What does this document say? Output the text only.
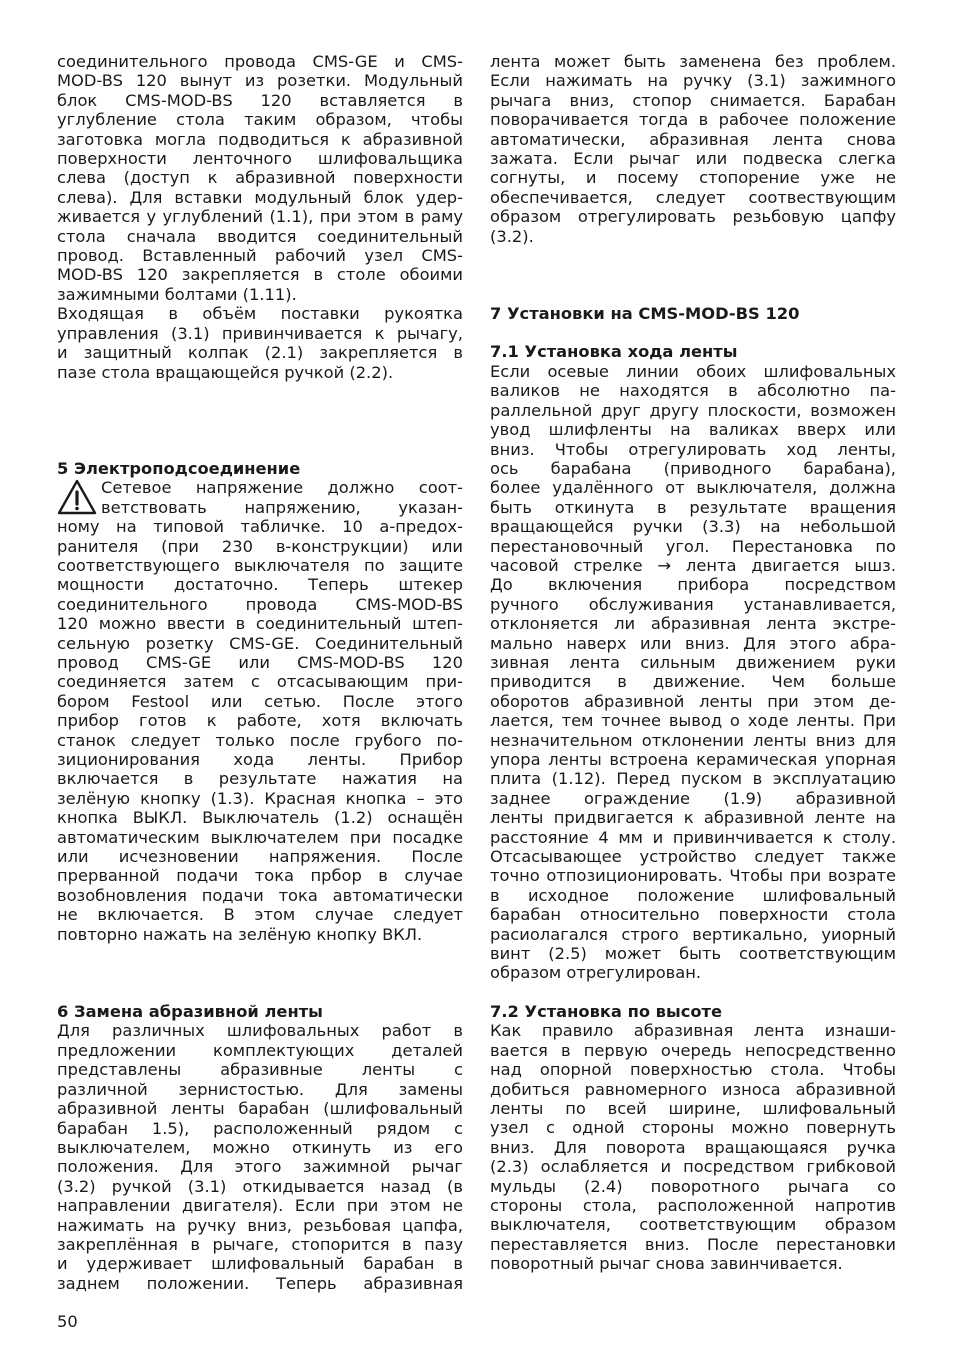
соединительного провода CMS-GE и CMS-
MOD-BS 120 вынут из розетки. Модульный
блок CMS-MOD-BS 120 вставляется в
углубление стола таким образом, чтобы
заготовка могла подводиться к абразивной
поверхности ленточного шлифовальщика
слева (доступ к абразивной поверхности
слева). Для вставки модульный блок удер-
живается у углублений (1.1), при этом в раму
стола сначала вводится соединительный
провод. Вставленный рабочий узел CMS-
MOD-BS 120 закрепляется в столе обоими
зажимными болтами (1.11).
Входящая в объём поставки рукоятка
управления (3.1) привинчивается к рычагу,
и защитный колпак (2.1) закрепляется в
пазе стола вращающейся ручкой (2.2).
5 Электроподсоединение
Сетевое напряжение должно соот-
ветствовать напряжению, указан-
ному на типовой табличке. 10 а-предох-
ранителя (при 230 в-конструкции) или
соответствующего выключателя по защите
мощности достаточно. Теперь штекер
соединительного провода CMS-MOD-BS
120 можно ввести в соединительный штеп-
сельную розетку CMS-GE. Соединительный
провод CMS-GE или CMS-MOD-BS 120
соединяется затем с отсасывающим при-
бором Festool или сетью. После этого
прибор готов к работе, хотя включать
станок следует только после грубого по-
зиционирования хода ленты. Прибор
включается в результате нажатия на
зелёную кнопку (1.3). Красная кнопка – это
кнопка ВЫКЛ. Выключатель (1.2) оснащён
автоматическим выключателем при посадке
или исчезновении напряжения. После
прерванной подачи тока прбор в случае
возобновления подачи тока автоматически
не включается. В этом случае следует
повторно нажать на зелёную кнопку ВКЛ.
6 Замена абразивной ленты
Для различных шлифовальных работ в
предложении комплектующих деталей
представлены абразивные ленты с
различной зернистостью. Для замены
абразивной ленты барабан (шлифовальный
барабан 1.5), расположенный рядом с
выключателем, можно откинуть из его
положения. Для этого зажимной рычаг
(3.2) ручкой (3.1) откидывается назад (в
направлении двигателя). Если при этом не
нажимать на ручку вниз, резьбовая цапфа,
закреплённая в рычаге, стопорится в пазу
и удерживает шлифовальный барабан в
заднем положении. Теперь абразивная
лента может быть заменена без проблем.
Если нажимать на ручку (3.1) зажимного
рычага вниз, стопор снимается. Барабан
поворачивается тогда в рабочее положение
автоматически, абразивная лента снова
зажата. Если рычаг или подвеска слегка
согнуты, и посему стопорение уже не
обеспечивается, следует соотвествующим
образом отрегулировать резьбовую цапфу
(3.2).
7 Установки на CMS-MOD-BS 120
7.1 Установка хода ленты
Если осевые линии обоих шлифовальных
валиков не находятся в абсолютно па-
раллельной друг другу плоскости, возможен
увод шлифленты на валиках вверх или
вниз. Чтобы отрегулировать ход ленты,
ось барабана (приводного барабана),
более удалённого от выключателя, должна
быть откинута в результате вращения
вращающейся ручки (3.3) на небольшой
перестановочный угол. Перестановка по
часовой стрелке → лента двигается ышз.
До включения прибора посредством
ручного обслуживания устанавливается,
отклоняется ли абразивная лента экстре-
мально наверх или вниз. Для этого абра-
зивная лента сильным движением руки
приводится в движение. Чем больше
оборотов абразивной ленты при этом де-
лается, тем точнее вывод о ходе ленты. При
незначительном отклонении ленты вниз для
упора ленты встроена керамическая упорная
плита (1.12). Перед пуском в эксплуатацию
заднее ограждение (1.9) абразивной
ленты придвигается к абразивной ленте на
расстояние 4 мм и привинчивается к столу.
Отсасывающее устройство следует также
точно отпозиционировать. Чтобы при возрате
в исходное положение шлифовальный
барабан относительно поверхности стола
расиолагался строго вертикально, уиорный
винт (2.5) может быть соответствующим
образом отрегулирован.
7.2 Установка по высоте
Как правило абразивная лента изнаши-
вается в первую очередь непосредственно
над опорной поверхностью стола. Чтобы
добиться равномерного износа абразивной
ленты по всей ширине, шлифовальный
узел с одной стороны можно повернуть
вниз. Для поворота вращающаяся ручка
(2.3) ослабляется и посредством грибковой
мульды (2.4) поворотного рычага со
стороны стола, расположенной напротив
выключателя, соответствующим образом
переставляется вниз. После перестановки
поворотный рычаг снова завинчивается.
50
